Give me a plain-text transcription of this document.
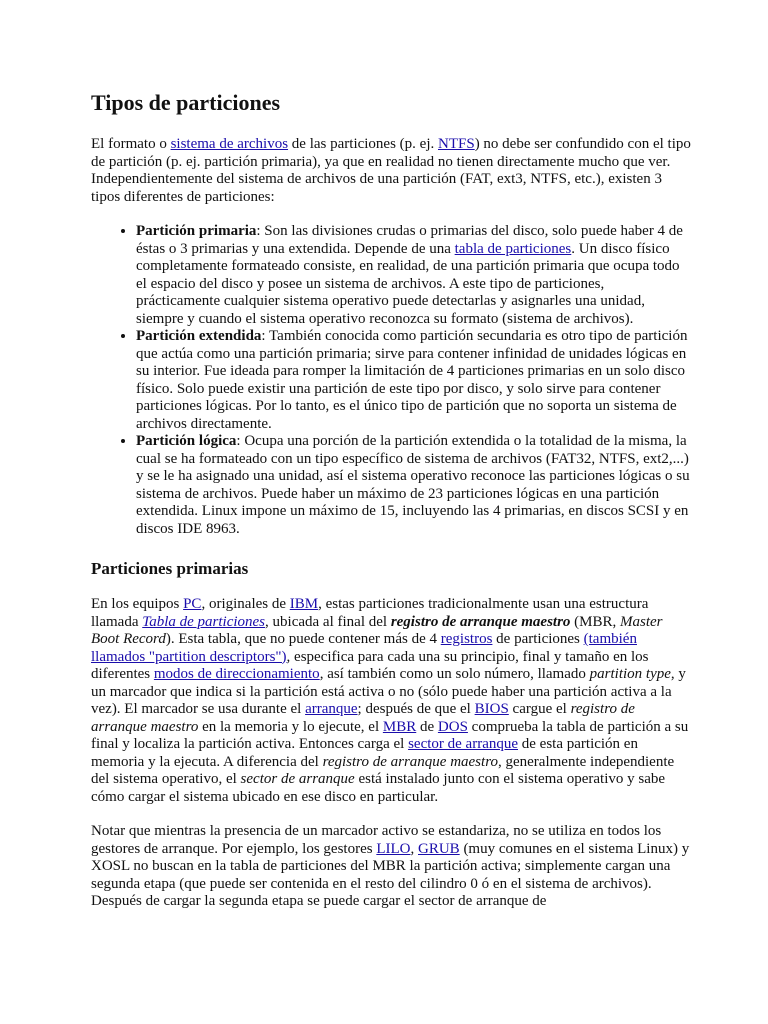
Tipos de particiones

El formato o sistema de archivos de las particiones (p. ej. NTFS) no debe ser confundido con el tipo de partición (p. ej. partición primaria), ya que en realidad no tienen directamente mucho que ver. Independientemente del sistema de archivos de una partición (FAT, ext3, NTFS, etc.), existen 3 tipos diferentes de particiones:

• Partición primaria: Son las divisiones crudas o primarias del disco, solo puede haber 4 de éstas o 3 primarias y una extendida. Depende de una tabla de particiones. Un disco físico completamente formateado consiste, en realidad, de una partición primaria que ocupa todo el espacio del disco y posee un sistema de archivos. A este tipo de particiones, prácticamente cualquier sistema operativo puede detectarlas y asignarles una unidad, siempre y cuando el sistema operativo reconozca su formato (sistema de archivos).
• Partición extendida: También conocida como partición secundaria es otro tipo de partición que actúa como una partición primaria; sirve para contener infinidad de unidades lógicas en su interior. Fue ideada para romper la limitación de 4 particiones primarias en un solo disco físico. Solo puede existir una partición de este tipo por disco, y solo sirve para contener particiones lógicas. Por lo tanto, es el único tipo de partición que no soporta un sistema de archivos directamente.
• Partición lógica: Ocupa una porción de la partición extendida o la totalidad de la misma, la cual se ha formateado con un tipo específico de sistema de archivos (FAT32, NTFS, ext2,...) y se le ha asignado una unidad, así el sistema operativo reconoce las particiones lógicas o su sistema de archivos. Puede haber un máximo de 23 particiones lógicas en una partición extendida. Linux impone un máximo de 15, incluyendo las 4 primarias, en discos SCSI y en discos IDE 8963.
Particiones primarias

En los equipos PC, originales de IBM, estas particiones tradicionalmente usan una estructura llamada Tabla de particiones, ubicada al final del registro de arranque maestro (MBR, Master Boot Record). Esta tabla, que no puede contener más de 4 registros de particiones (también llamados "partition descriptors"), especifica para cada una su principio, final y tamaño en los diferentes modos de direccionamiento, así también como un solo número, llamado partition type, y un marcador que indica si la partición está activa o no (sólo puede haber una partición activa a la vez). El marcador se usa durante el arranque; después de que el BIOS cargue el registro de arranque maestro en la memoria y lo ejecute, el MBR de DOS comprueba la tabla de partición a su final y localiza la partición activa. Entonces carga el sector de arranque de esta partición en memoria y la ejecuta. A diferencia del registro de arranque maestro, generalmente independiente del sistema operativo, el sector de arranque está instalado junto con el sistema operativo y sabe cómo cargar el sistema ubicado en ese disco en particular.

Notar que mientras la presencia de un marcador activo se estandariza, no se utiliza en todos los gestores de arranque. Por ejemplo, los gestores LILO, GRUB (muy comunes en el sistema Linux) y XOSL no buscan en la tabla de particiones del MBR la partición activa; simplemente cargan una segunda etapa (que puede ser contenida en el resto del cilindro 0 ó en el sistema de archivos). Después de cargar la segunda etapa se puede cargar el sector de arranque de
